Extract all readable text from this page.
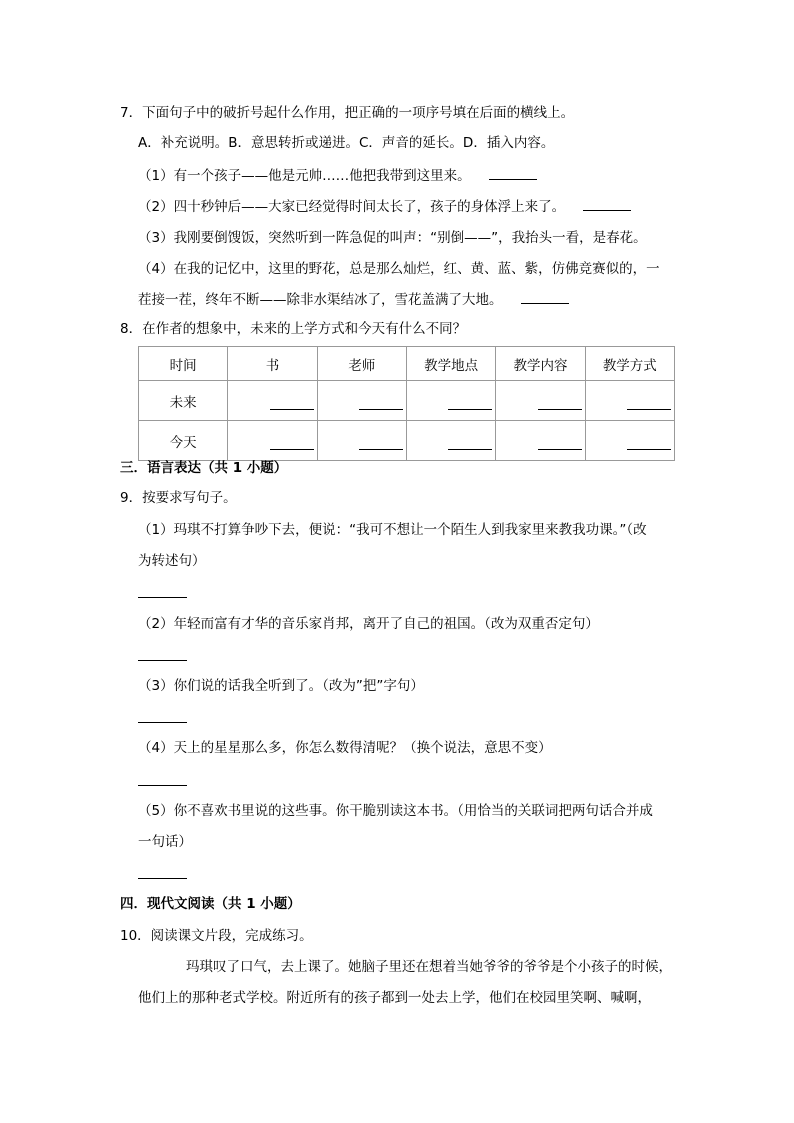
7．下面句子中的破折号起什么作用，把正确的一项序号填在后面的横线上。
A．补充说明。B．意思转折或递进。C．声音的延长。D．插入内容。
（1）有一个孩子——他是元帅……他把我带到这里来。
（2）四十秒钟后——大家已经觉得时间太长了，孩子的身体浮上来了。
（3）我刚要倒馊饭，突然听到一阵急促的叫声：“别倒——”，我抬头一看，是春花。
（4）在我的记忆中，这里的野花，总是那么灿烂，红、黄、蓝、紫，仿佛竞赛似的，一
茬接一茬，终年不断——除非水渠结冰了，雪花盖满了大地。
8．在作者的想象中，未来的上学方式和今天有什么不同？
时间	书	老师	教学地点	教学内容	教学方式
未来					
今天					
三．语言表达（共 1 小题）
9．按要求写句子。
（1）玛琪不打算争吵下去，便说：“我可不想让一个陌生人到我家里来教我功课。”（改
为转述句）
（2）年轻而富有才华的音乐家肖邦，离开了自己的祖国。（改为双重否定句）
（3）你们说的话我全听到了。（改为”把”字句）
（4）天上的星星那么多，你怎么数得清呢？（换个说法，意思不变）
（5）你不喜欢书里说的这些事。你干脆别读这本书。（用恰当的关联词把两句话合并成
一句话）
四．现代文阅读（共 1 小题）
10．阅读课文片段，完成练习。
玛琪叹了口气，去上课了。她脑子里还在想着当她爷爷的爷爷是个小孩子的时候，
他们上的那种老式学校。附近所有的孩子都到一处去上学，他们在校园里笑啊、喊啊，
